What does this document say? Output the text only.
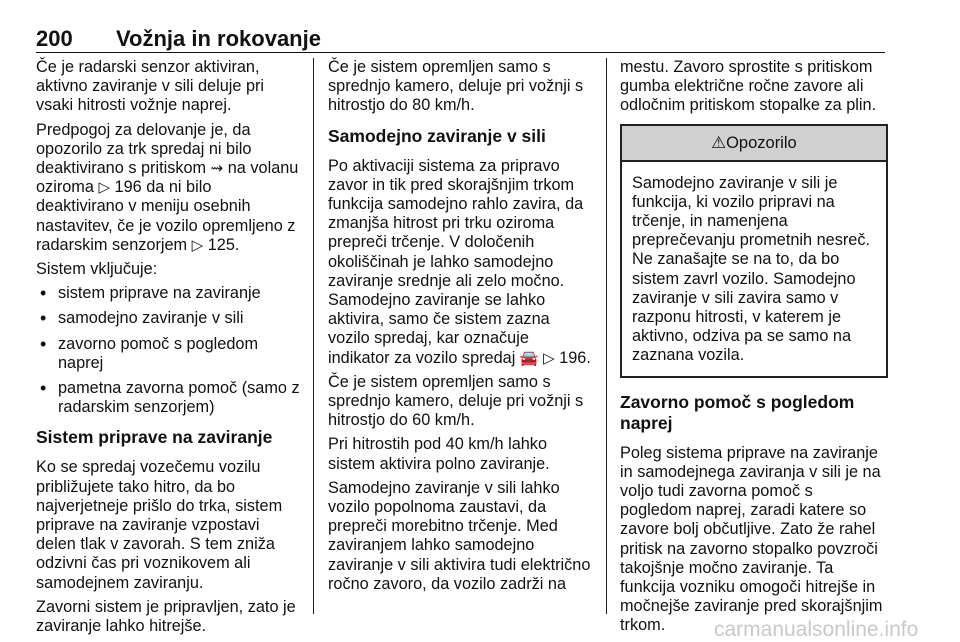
200 Vožnja in rokovanje

Če je radarski senzor aktiviran, aktivno zaviranje v sili deluje pri vsaki hitrosti vožnje naprej.

Predpogoj za delovanje je, da opozorilo za trk spredaj ni bilo deaktivirano s pritiskom ⇝ na volanu oziroma ▷ 196 da ni bilo deaktivirano v meniju osebnih nastavitev, če je vozilo opremljeno z radarskim senzorjem ▷ 125.

Sistem vključuje:

• sistem priprave na zaviranje
• samodejno zaviranje v sili
• zavorno pomoč s pogledom naprej
• pametna zavorna pomoč (samo z radarskim senzorjem)
Sistem priprave na zaviranje

Ko se spredaj vozečemu vozilu približujete tako hitro, da bo najverjetneje prišlo do trka, sistem priprave na zaviranje vzpostavi delen tlak v zavorah. S tem zniža odzivni čas pri voznikovem ali samodejnem zaviranju.

Zavorni sistem je pripravljen, zato je zaviranje lahko hitrejše.

Če je sistem opremljen samo s sprednjo kamero, deluje pri vožnji s hitrostjo do 80 km/h.

Samodejno zaviranje v sili

Po aktivaciji sistema za pripravo zavor in tik pred skorajšnjim trkom funkcija samodejno rahlo zavira, da zmanjša hitrost pri trku oziroma prepreči trčenje. V določenih okoliščinah je lahko samodejno zaviranje srednje ali zelo močno. Samodejno zaviranje se lahko aktivira, samo če sistem zazna vozilo spredaj, kar označuje indikator za vozilo spredaj 🚘 ▷ 196.

Če je sistem opremljen samo s sprednjo kamero, deluje pri vožnji s hitrostjo do 60 km/h.

Pri hitrostih pod 40 km/h lahko sistem aktivira polno zaviranje.

Samodejno zaviranje v sili lahko vozilo popolnoma zaustavi, da prepreči morebitno trčenje. Med zaviranjem lahko samodejno zaviranje v sili aktivira tudi električno ročno zavoro, da vozilo zadrži na

mestu. Zavoro sprostite s pritiskom gumba električne ročne zavore ali odločnim pritiskom stopalke za plin.

⚠Opozorilo
Samodejno zaviranje v sili je funkcija, ki vozilo pripravi na trčenje, in namenjena preprečevanju prometnih nesreč. Ne zanašajte se na to, da bo sistem zavrl vozilo. Samodejno zaviranje v sili zavira samo v razponu hitrosti, v katerem je aktivno, odziva pa se samo na zaznana vozila.
Zavorno pomoč s pogledom naprej

Poleg sistema priprave na zaviranje in samodejnega zaviranja v sili je na voljo tudi zavorna pomoč s pogledom naprej, zaradi katere so zavore bolj občutljive. Zato že rahel pritisk na zavorno stopalko povzroči takojšnje močno zaviranje. Ta funkcija vozniku omogoči hitrejše in močnejše zaviranje pred skorajšnjim trkom.	carmanualsonline.info
